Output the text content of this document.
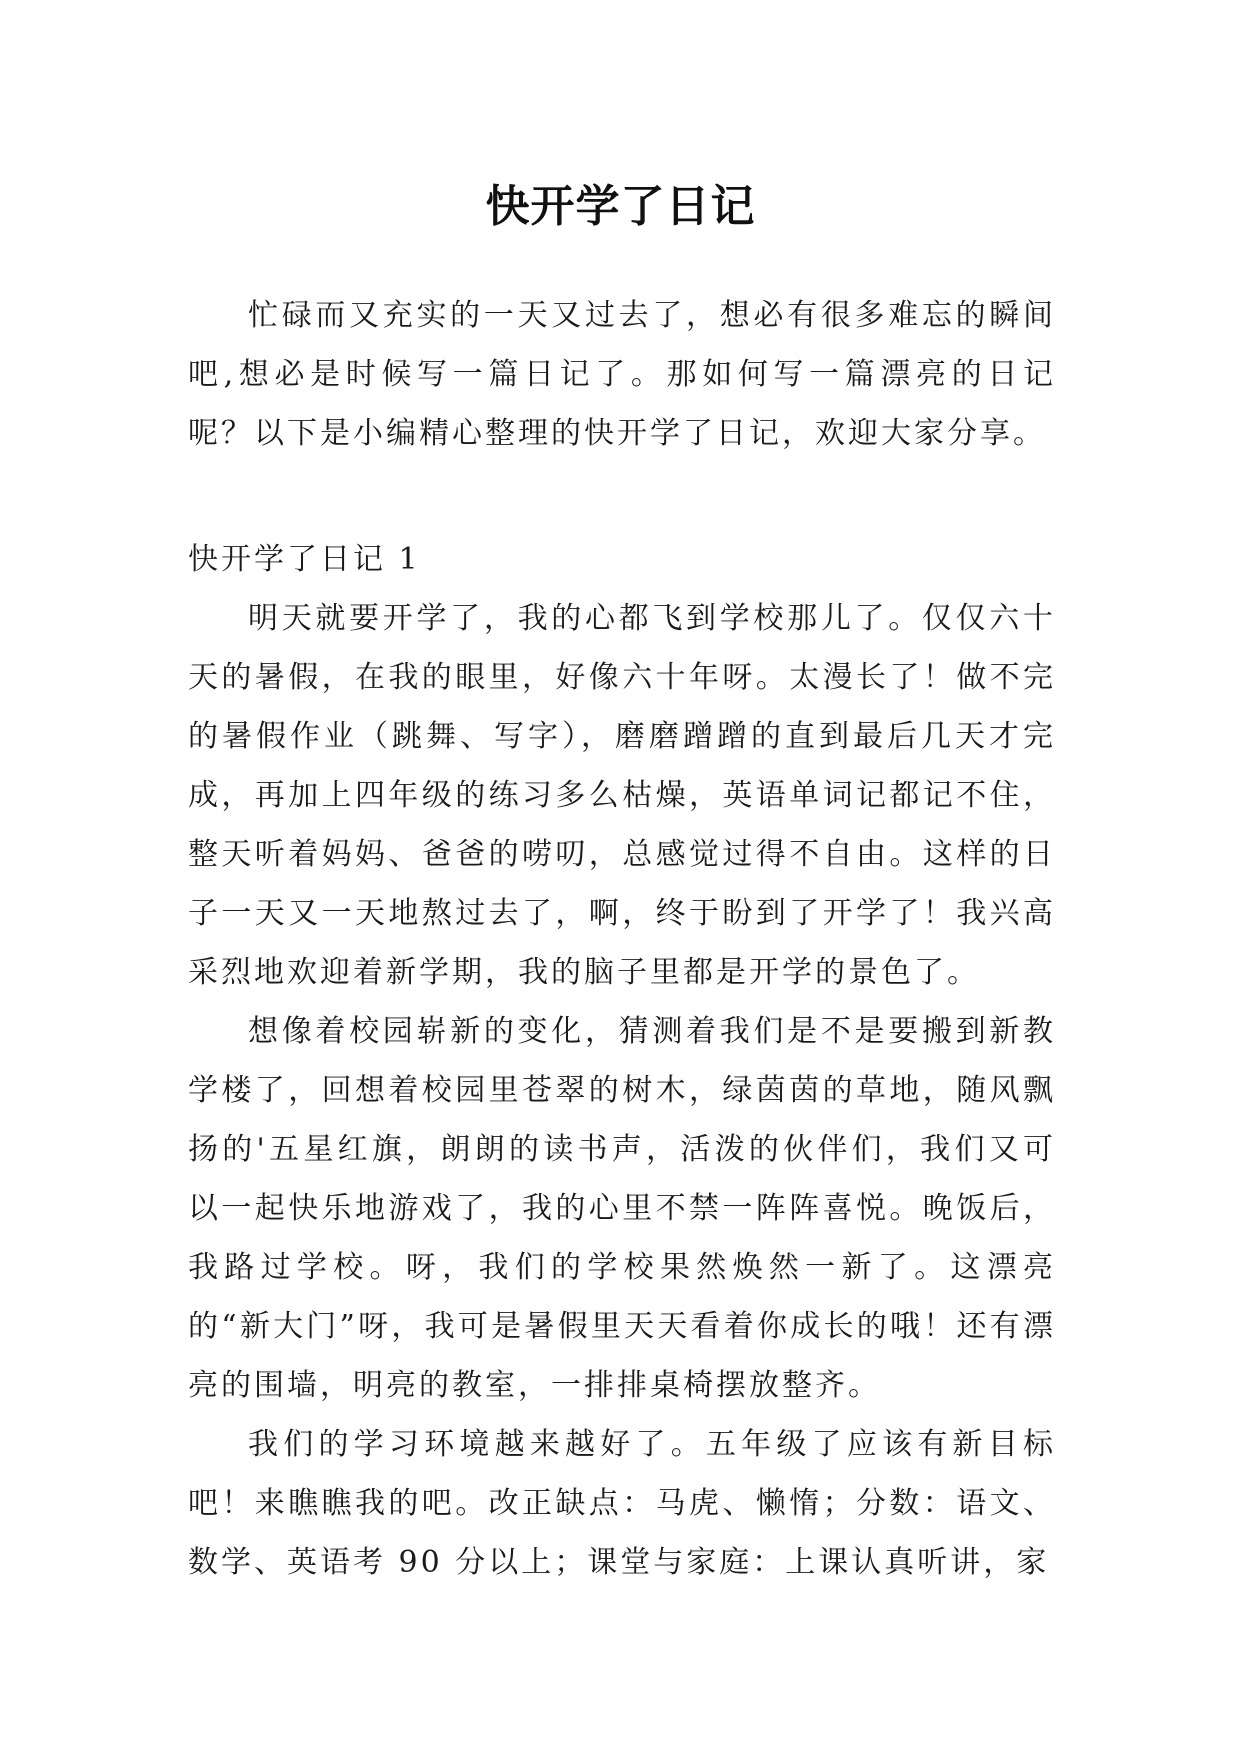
快开学了日记

忙碌而又充实的一天又过去了，想必有很多难忘的瞬间吧,想必是时候写一篇日记了。那如何写一篇漂亮的日记呢？以下是小编精心整理的快开学了日记，欢迎大家分享。

快开学了日记 1

明天就要开学了，我的心都飞到学校那儿了。仅仅六十天的暑假，在我的眼里，好像六十年呀。太漫长了！做不完的暑假作业（跳舞、写字），磨磨蹭蹭的直到最后几天才完成，再加上四年级的练习多么枯燥，英语单词记都记不住，整天听着妈妈、爸爸的唠叨，总感觉过得不自由。这样的日子一天又一天地熬过去了，啊，终于盼到了开学了！我兴高采烈地欢迎着新学期，我的脑子里都是开学的景色了。

想像着校园崭新的变化，猜测着我们是不是要搬到新教学楼了，回想着校园里苍翠的树木，绿茵茵的草地，随风飘扬的'五星红旗，朗朗的读书声，活泼的伙伴们，我们又可以一起快乐地游戏了，我的心里不禁一阵阵喜悦。晚饭后，我路过学校。呀，我们的学校果然焕然一新了。这漂亮的“新大门”呀，我可是暑假里天天看着你成长的哦！还有漂亮的围墙，明亮的教室，一排排桌椅摆放整齐。

我们的学习环境越来越好了。五年级了应该有新目标吧！来瞧瞧我的吧。改正缺点：马虎、懒惰；分数：语文、数学、英语考 90 分以上；课堂与家庭：上课认真听讲，家
